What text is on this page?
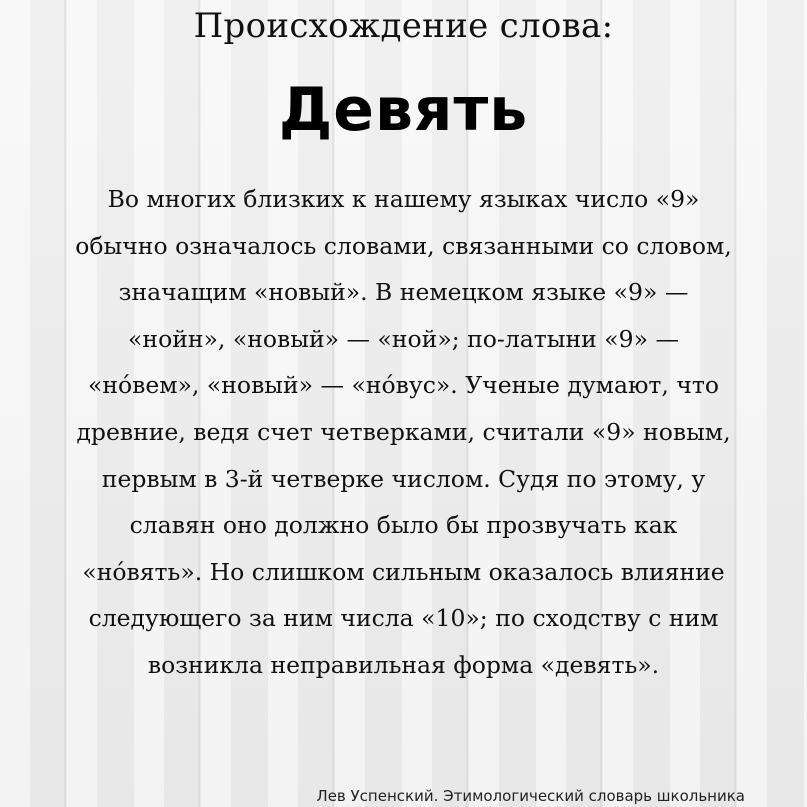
Происхождение слова:
Девять
Во многих близких к нашему языках число «9»
обычно означалось словами, связанными со словом,
значащим «новый». В немецком языке «9» —
«нойн», «новый» — «ной»; по-латыни «9» —
«нóвем», «новый» — «нóвус». Ученые думают, что
древние, ведя счет четверками, считали «9» новым,
первым в 3-й четверке числом. Судя по этому, у
славян оно должно было бы прозвучать как
«нóвять». Но слишком сильным оказалось влияние
следующего за ним числа «10»; по сходству с ним
возникла неправильная форма «девять».
Лев Успенский. Этимологический словарь школьника
